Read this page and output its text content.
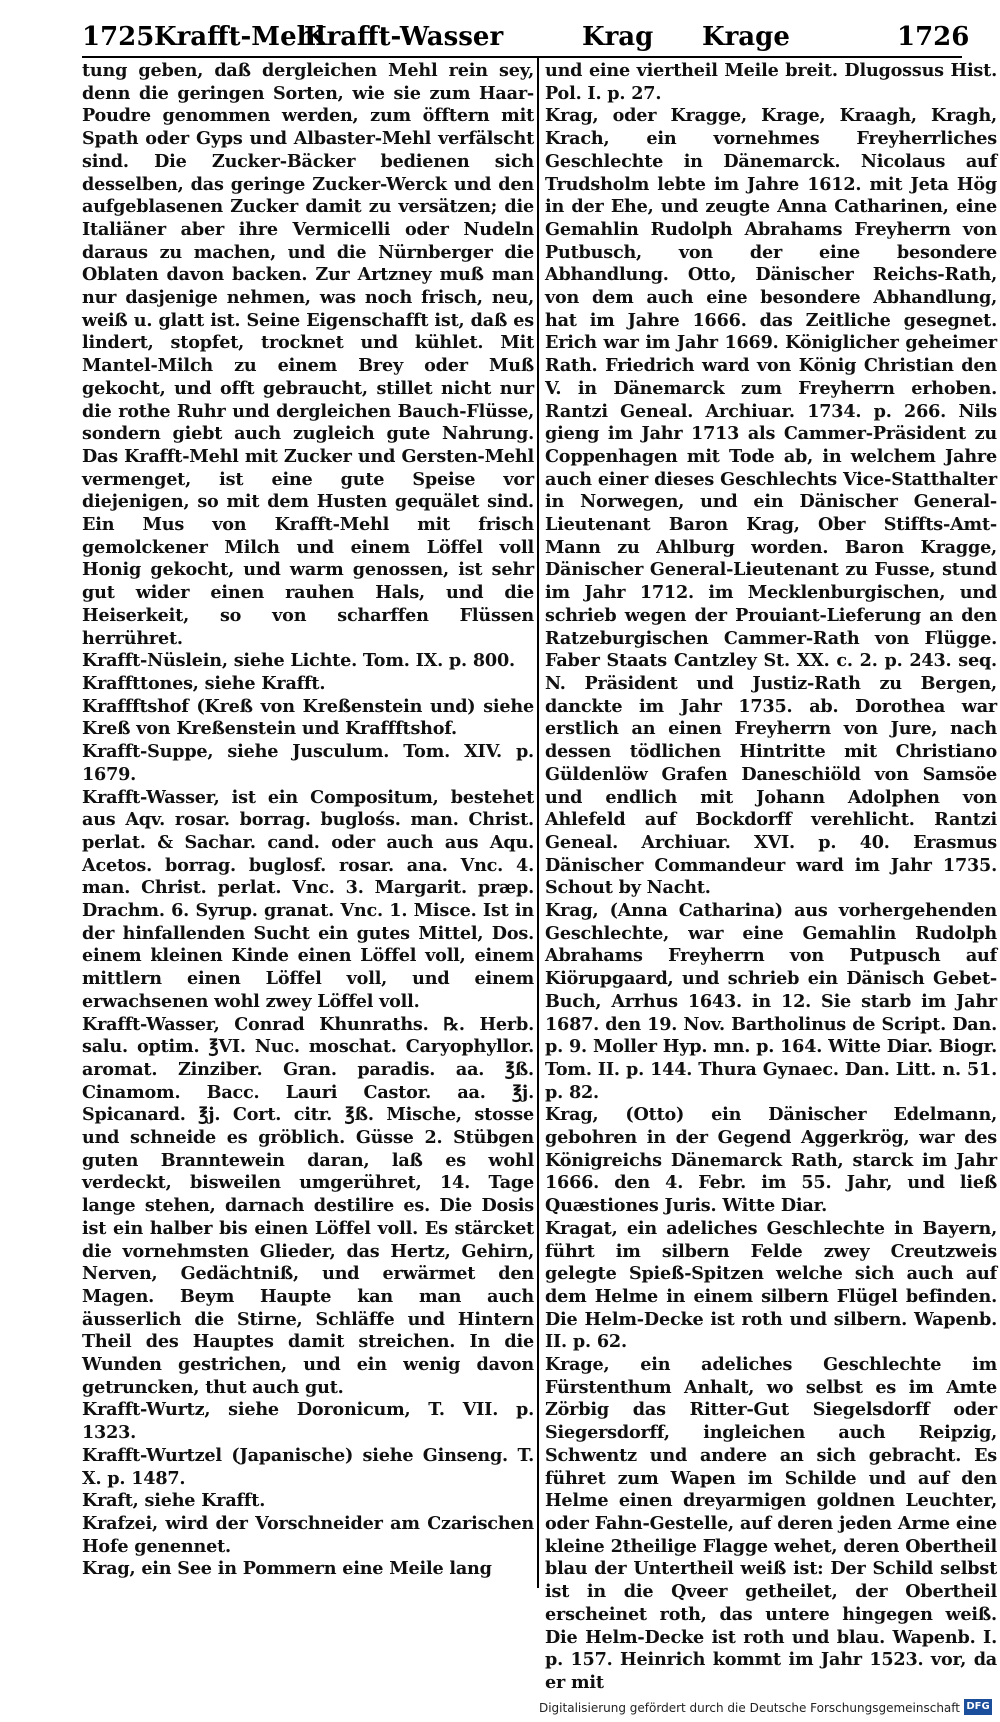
1725 Krafft-Mehl
Krafft-Wasser	Krag Krage	1726

tung geben, daß dergleichen Mehl rein sey, denn die geringen Sorten, wie sie zum Haar-Poudre genommen werden, zum öfftern mit Spath oder Gyps und Albaster-Mehl verfälscht sind. Die Zucker-Bäcker bedienen sich desselben, das geringe Zucker-Werck und den aufgeblasenen Zucker damit zu versätzen; die Italiäner aber ihre Vermicelli oder Nudeln daraus zu machen, und die Nürnberger die Oblaten davon backen. Zur Artzney muß man nur dasjenige nehmen, was noch frisch, neu, weiß u. glatt ist. Seine Eigenschafft ist, daß es lindert, stopfet, trocknet und kühlet. Mit Mantel-Milch zu einem Brey oder Muß gekocht, und offt gebraucht, stillet nicht nur die rothe Ruhr und dergleichen Bauch-Flüsse, sondern giebt auch zugleich gute Nahrung. Das Krafft-Mehl mit Zucker und Gersten-Mehl vermenget, ist eine gute Speise vor diejenigen, so mit dem Husten gequälet sind. Ein Mus von Krafft-Mehl mit frisch gemolckener Milch und einem Löffel voll Honig gekocht, und warm genossen, ist sehr gut wider einen rauhen Hals, und die Heiserkeit, so von scharffen Flüssen herrühret.

Krafft-Nüslein, siehe Lichte. Tom. IX. p. 800.

Kraffttones, siehe Krafft.

Kraffftshof (Kreß von Kreßenstein und) siehe Kreß von Kreßenstein und Kraffftshof.

Krafft-Suppe, siehe Jusculum. Tom. XIV. p. 1679.

Krafft-Wasser, ist ein Compositum, bestehet aus Aqv. rosar. borrag. buglośs. man. Christ. perlat. & Sachar. cand. oder auch aus Aqu. Acetos. borrag. buglosf. rosar. ana. Vnc. 4. man. Christ. perlat. Vnc. 3. Margarit. præp. Drachm. 6. Syrup. granat. Vnc. 1. Misce. Ist in der hinfallenden Sucht ein gutes Mittel, Dos. einem kleinen Kinde einen Löffel voll, einem mittlern einen Löffel voll, und einem erwachsenen wohl zwey Löffel voll.

Krafft-Wasser, Conrad Khunraths. ℞. Herb. salu. optim. ℥VI. Nuc. moschat. Caryophyllor. aromat. Zinziber. Gran. paradis. aa. ℥ß. Cinamom. Bacc. Lauri Castor. aa. ℥j. Spicanard. ℥j. Cort. citr. ℥ß. Mische, stosse und schneide es gröblich. Güsse 2. Stübgen guten Brannteweіn daran, laß es wohl verdeckt, bisweilen umgerühret, 14. Tage lange stehen, darnach destilire es. Die Dosis ist ein halber bis einen Löffel voll. Es stärcket die vornehmsten Glieder, das Hertz, Gehirn, Nerven, Gedächtniß, und erwärmet den Magen. Beym Haupte kan man auch äusserlich die Stirne, Schläffe und Hintern Theil des Hauptes damit streichen. In die Wunden gestrichen, und ein wenig davon getruncken, thut auch gut.

Krafft-Wurtz, siehe Doronicum, T. VII. p. 1323.

Krafft-Wurtzel (Japanische) siehe Ginseng. T. X. p. 1487.

Kraft, siehe Krafft.

Krafzei, wird der Vorschneider am Czarischen Hofe genennet.

Krag, ein See in Pommern eine Meile lang

und eine viertheil Meile breit. Dlugossus Hist. Pol. I. p. 27.

Krag, oder Kragge, Krage, Kraagh, Kragh, Krach, ein vornehmes Freyherrliches Geschlechte in Dänemarck. Nicolaus auf Trudsholm lebte im Jahre 1612. mit Jeta Hög in der Ehe, und zeugte Anna Catharinen, eine Gemahlin Rudolph Abrahams Freyherrn von Putbusch, von der eine besondere Abhandlung. Otto, Dänischer Reichs-Rath, von dem auch eine besondere Abhandlung, hat im Jahre 1666. das Zeitliche gesegnet. Erich war im Jahr 1669. Königlicher geheimer Rath. Friedrich ward von König Christian den V. in Dänemarck zum Freyherrn erhoben. Rantzi Geneal. Archiuar. 1734. p. 266. Nils gieng im Jahr 1713 als Cammer-Präsident zu Coppenhagen mit Tode ab, in welchem Jahre auch einer dieses Geschlechts Vice-Statthalter in Norwegen, und ein Dänischer General-Lieutenant Baron Krag, Ober Stiffts-Amt-Mann zu Ahlburg worden. Baron Kragge, Dänischer General-Lieutenant zu Fusse, stund im Jahr 1712. im Mecklenburgischen, und schrieb wegen der Prouiant-Lieferung an den Ratzeburgischen Cammer-Rath von Flügge. Faber Staats Cantzley St. XX. c. 2. p. 243. seq. N. Präsident und Justiz-Rath zu Bergen, danckte im Jahr 1735. ab. Dorothea war erstlich an einen Freyherrn von Jure, nach dessen tödlichen Hintritte mit Christiano Güldenlöw Grafen Daneschiöld von Samsöe und endlich mit Johann Adolphen von Ahlefeld auf Bockdorff verehlicht. Rantzi Geneal. Archiuar. XVI. p. 40. Erasmus Dänischer Commandeur ward im Jahr 1735. Schout by Nacht.

Krag, (Anna Catharina) aus vorhergehenden Geschlechte, war eine Gemahlin Rudolph Abrahams Freyherrn von Putpusch auf Kiörupgaard, und schrieb ein Dänisch Gebet-Buch, Arrhus 1643. in 12. Sie starb im Jahr 1687. den 19. Nov. Bartholinus de Script. Dan. p. 9. Moller Hyp. mn. p. 164. Witte Diar. Biogr. Tom. II. p. 144. Thura Gynaec. Dan. Litt. n. 51. p. 82.

Krag, (Otto) ein Dänischer Edelmann, gebohren in der Gegend Aggerkrög, war des Königreichs Dänemarck Rath, starck im Jahr 1666. den 4. Febr. im 55. Jahr, und ließ Quæstiones Juris. Witte Diar.

Kragat, ein adeliches Geschlechte in Bayern, führt im silbern Felde zwey Creutzweis gelegte Spieß-Spitzen welche sich auch auf dem Helme in einem silbern Flügel befinden. Die Helm-Decke ist roth und silbern. Wapenb. II. p. 62.

Krage, ein adeliches Geschlechte im Fürstenthum Anhalt, wo selbst es im Amte Zörbig das Ritter-Gut Siegelsdorff oder Siegersdorff, ingleichen auch Reipzig, Schwentz und andere an sich gebracht. Es führet zum Wapen im Schilde und auf den Helme einen dreyarmigen goldnen Leuchter, oder Fahn-Gestelle, auf deren jeden Arme eine kleine 2theilige Flagge wehet, deren Obertheil blau der Untertheil weiß ist: Der Schild selbst ist in die Qveer getheilet, der Obertheil erscheinet roth, das untere hingegen weiß. Die Helm-Decke ist roth und blau. Wapenb. I. p. 157. Heinrich kommt im Jahr 1523. vor, da er mit

Digitalisierung gefördert durch die Deutsche Forschungsgemeinschaft DFG
